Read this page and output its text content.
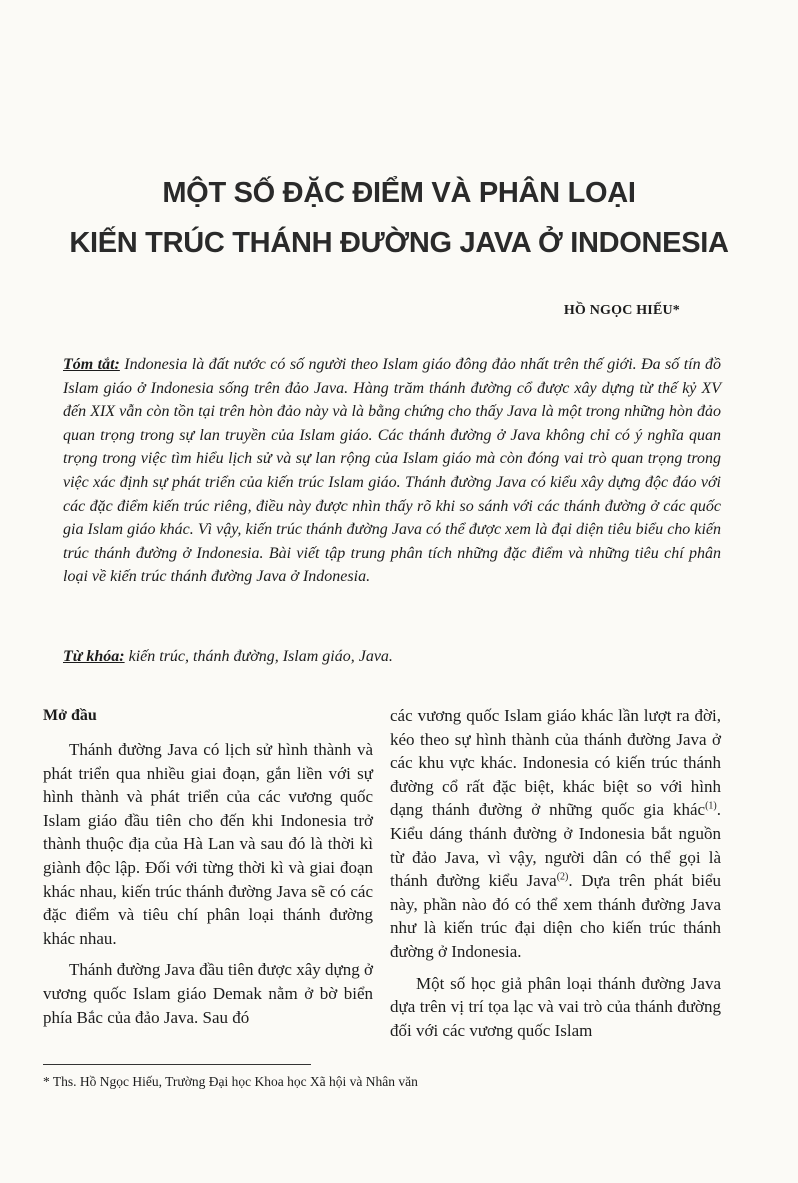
MỘT SỐ ĐẶC ĐIỂM VÀ PHÂN LOẠI
KIẾN TRÚC THÁNH ĐƯỜNG JAVA Ở INDONESIA
HỒ NGỌC HIẾU*
Tóm tắt: Indonesia là đất nước có số người theo Islam giáo đông đảo nhất trên thế giới. Đa số tín đồ Islam giáo ở Indonesia sống trên đảo Java. Hàng trăm thánh đường cổ được xây dựng từ thế kỷ XV đến XIX vẫn còn tồn tại trên hòn đảo này và là bằng chứng cho thấy Java là một trong những hòn đảo quan trọng trong sự lan truyền của Islam giáo. Các thánh đường ở Java không chỉ có ý nghĩa quan trọng trong việc tìm hiểu lịch sử và sự lan rộng của Islam giáo mà còn đóng vai trò quan trọng trong việc xác định sự phát triển của kiến trúc Islam giáo. Thánh đường Java có kiểu xây dựng độc đáo với các đặc điểm kiến trúc riêng, điều này được nhìn thấy rõ khi so sánh với các thánh đường ở các quốc gia Islam giáo khác. Vì vậy, kiến trúc thánh đường Java có thể được xem là đại diện tiêu biểu cho kiến trúc thánh đường ở Indonesia. Bài viết tập trung phân tích những đặc điểm và những tiêu chí phân loại về kiến trúc thánh đường Java ở Indonesia.
Từ khóa: kiến trúc, thánh đường, Islam giáo, Java.
Mở đầu

Thánh đường Java có lịch sử hình thành và phát triển qua nhiều giai đoạn, gắn liền với sự hình thành và phát triển của các vương quốc Islam giáo đầu tiên cho đến khi Indonesia trở thành thuộc địa của Hà Lan và sau đó là thời kì giành độc lập. Đối với từng thời kì và giai đoạn khác nhau, kiến trúc thánh đường Java sẽ có các đặc điểm và tiêu chí phân loại thánh đường khác nhau.

Thánh đường Java đầu tiên được xây dựng ở vương quốc Islam giáo Demak nằm ở bờ biển phía Bắc của đảo Java. Sau đó

các vương quốc Islam giáo khác lần lượt ra đời, kéo theo sự hình thành của thánh đường Java ở các khu vực khác. Indonesia có kiến trúc thánh đường cổ rất đặc biệt, khác biệt so với hình dạng thánh đường ở những quốc gia khác$^{(1)}$. Kiểu dáng thánh đường ở Indonesia bắt nguồn từ đảo Java, vì vậy, người dân có thể gọi là thánh đường kiểu Java$^{(2)}$. Dựa trên phát biểu này, phần nào đó có thể xem thánh đường Java như là kiến trúc đại diện cho kiến trúc thánh đường ở Indonesia.

Một số học giả phân loại thánh đường Java dựa trên vị trí tọa lạc và vai trò của thánh đường đối với các vương quốc Islam

* Ths. Hồ Ngọc Hiếu, Trường Đại học Khoa học Xã hội và Nhân văn
